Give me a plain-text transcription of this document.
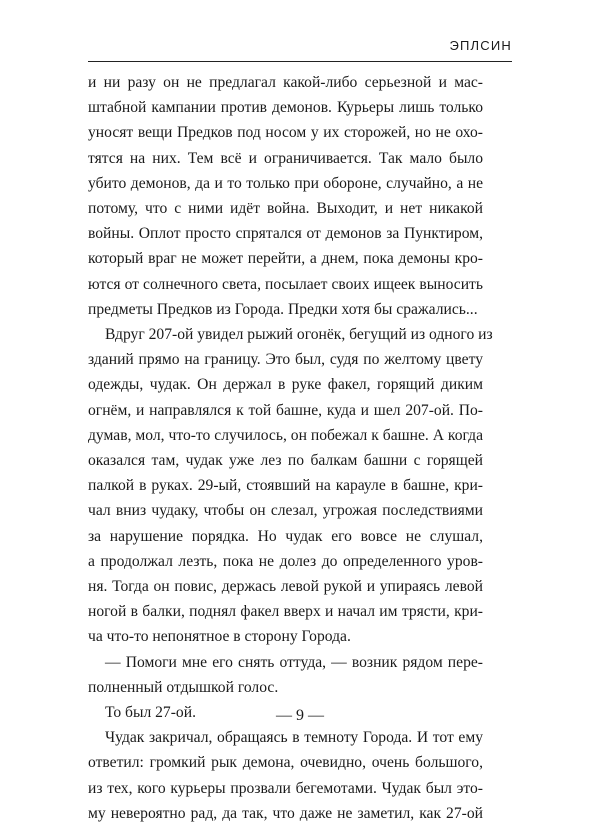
ЭПЛСИН
и ни разу он не предлагал какой-либо серьезной и мас-
штабной кампании против демонов. Курьеры лишь только
уносят вещи Предков под носом у их сторожей, но не охо-
тятся на них. Тем всё и ограничивается. Так мало было
убито демонов, да и то только при обороне, случайно, а не
потому, что с ними идёт война. Выходит, и нет никакой
войны. Оплот просто спрятался от демонов за Пунктиром,
который враг не может перейти, а днем, пока демоны кро-
ются от солнечного света, посылает своих ищеек выносить
предметы Предков из Города. Предки хотя бы сражались...
Вдруг 207-ой увидел рыжий огонёк, бегущий из одного из
зданий прямо на границу. Это был, судя по желтому цвету
одежды, чудак. Он держал в руке факел, горящий диким
огнём, и направлялся к той башне, куда и шел 207-ой. По-
думав, мол, что-то случилось, он побежал к башне. А когда
оказался там, чудак уже лез по балкам башни с горящей
палкой в руках. 29-ый, стоявший на карауле в башне, кри-
чал вниз чудаку, чтобы он слезал, угрожая последствиями
за нарушение порядка. Но чудак его вовсе не слушал,
а продолжал лезть, пока не долез до определенного уров-
ня. Тогда он повис, держась левой рукой и упираясь левой
ногой в балки, поднял факел вверх и начал им трясти, кри-
ча что-то непонятное в сторону Города.
— Помоги мне его снять оттуда, — возник рядом пере-
полненный отдышкой голос.
То был 27-ой.
Чудак закричал, обращаясь в темноту Города. И тот ему
ответил: громкий рык демона, очевидно, очень большого,
из тех, кого курьеры прозвали бегемотами. Чудак был это-
му невероятно рад, да так, что даже не заметил, как 27-ой
— 9 —
